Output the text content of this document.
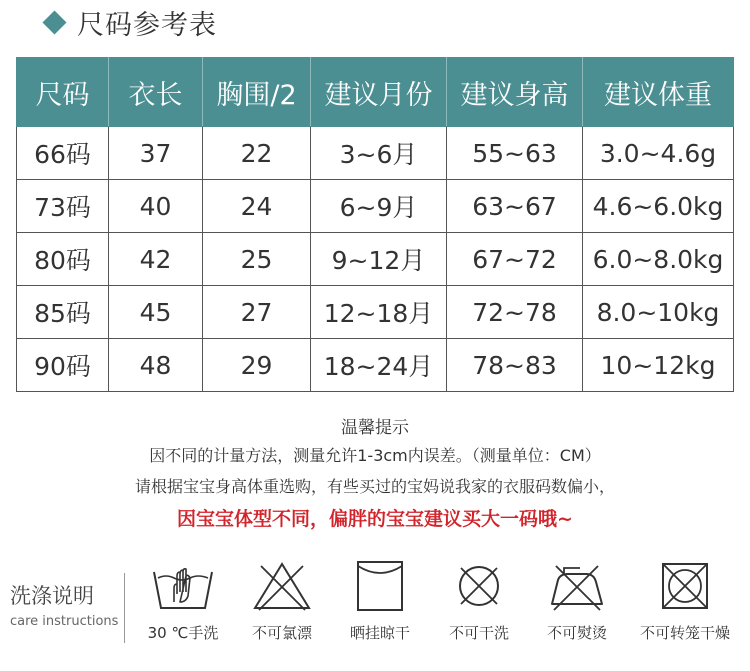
尺码参考表
尺码	衣长	胸围/2	建议月份	建议身高	建议体重
66码	37	22	3~6月	55~63	3.0~4.6g
73码	40	24	6~9月	63~67	4.6~6.0kg
80码	42	25	9~12月	67~72	6.0~8.0kg
85码	45	27	12~18月	72~78	8.0~10kg
90码	48	29	18~24月	78~83	10~12kg
温馨提示
因不同的计量方法，测量允许1-3cm内误差。（测量单位：CM）
请根据宝宝身高体重选购，有些买过的宝妈说我家的衣服码数偏小，
因宝宝体型不同，偏胖的宝宝建议买大一码哦~
洗涤说明
care instructions
30 ℃手洗	不可氯漂	晒挂晾干	不可干洗	不可熨烫	不可转笼干燥
